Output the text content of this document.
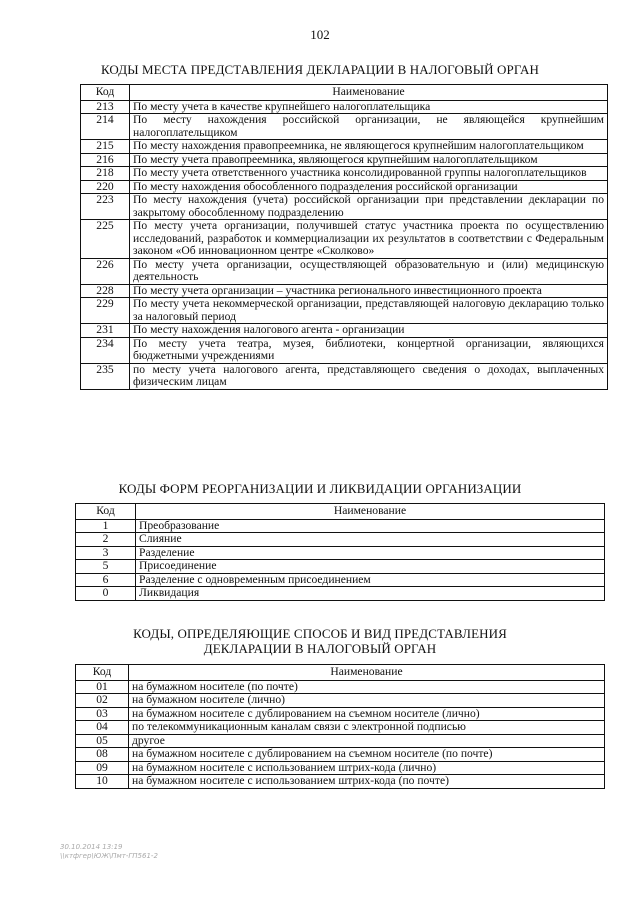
102
КОДЫ МЕСТА ПРЕДСТАВЛЕНИЯ ДЕКЛАРАЦИИ В НАЛОГОВЫЙ ОРГАН
Код	Наименование
213	По месту учета в качестве крупнейшего налогоплательщика
214	По месту нахождения российской организации, не являющейся крупнейшим налогоплательщиком
215	По месту нахождения правопреемника, не являющегося крупнейшим налогоплательщиком
216	По месту учета правопреемника, являющегося крупнейшим налогоплательщиком
218	По месту учета ответственного участника консолидированной группы налогоплательщиков
220	По месту нахождения обособленного подразделения российской организации
223	По месту нахождения (учета) российской организации при представлении декларации по закрытому обособленному подразделению
225	По месту учета организации, получившей статус участника проекта по осуществлению исследований, разработок и коммерциализации их результатов в соответствии с Федеральным законом «Об инновационном центре «Сколково»
226	По месту учета организации, осуществляющей образовательную и (или) медицинскую деятельность
228	По месту учета организации – участника регионального инвестиционного проекта
229	По месту учета некоммерческой организации, представляющей налоговую декларацию только за налоговый период
231	По месту нахождения налогового агента - организации
234	По месту учета театра, музея, библиотеки, концертной организации, являющихся бюджетными учреждениями
235	по месту учета налогового агента, представляющего сведения о доходах, выплаченных физическим лицам
КОДЫ ФОРМ РЕОРГАНИЗАЦИИ И ЛИКВИДАЦИИ ОРГАНИЗАЦИИ
Код	Наименование
1	Преобразование
2	Слияние
3	Разделение
5	Присоединение
6	Разделение с одновременным присоединением
0	Ликвидация
КОДЫ, ОПРЕДЕЛЯЮЩИЕ СПОСОБ И ВИД ПРЕДСТАВЛЕНИЯ
ДЕКЛАРАЦИИ В НАЛОГОВЫЙ ОРГАН
Код	Наименование
01	на бумажном носителе (по почте)
02	на бумажном носителе (лично)
03	на бумажном носителе с дублированием на съемном носителе (лично)
04	по телекоммуникационным каналам связи с электронной подписью
05	другое
08	на бумажном носителе с дублированием на съемном носителе (по почте)
09	на бумажном носителе с использованием штрих-кода (лично)
10	на бумажном носителе с использованием штрих-кода (по почте)
30.10.2014 13:19
\\ктфгер\ЮЖ\Пмт-ГП561-2
